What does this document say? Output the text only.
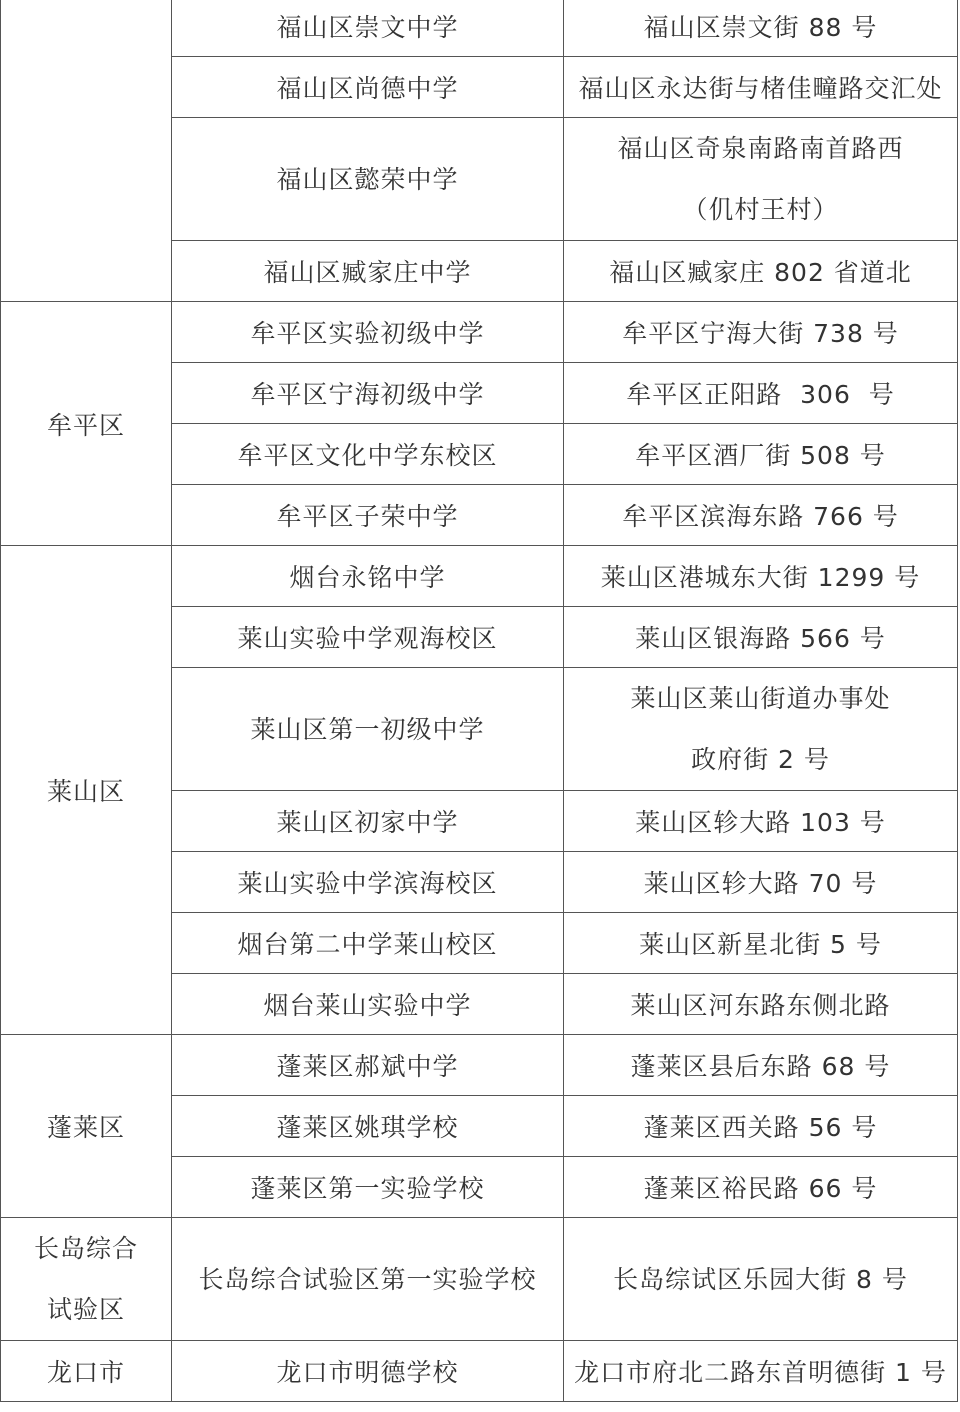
	福山区崇文中学	福山区崇文街 88 号
	福山区尚德中学	福山区永达街与楮佳疃路交汇处
	福山区懿荣中学	福山区奇泉南路南首路西
（仉村王村）

	福山区臧家庄中学	福山区臧家庄 802 省道北
牟平区	牟平区实验初级中学	牟平区宁海大街 738 号
	牟平区宁海初级中学	牟平区正阳路  306  号
	牟平区文化中学东校区	牟平区酒厂街 508 号
	牟平区子荣中学	牟平区滨海东路 766 号
莱山区	烟台永铭中学	莱山区港城东大街 1299 号
	莱山实验中学观海校区	莱山区银海路 566 号
	莱山区第一初级中学	莱山区莱山街道办事处
政府街 2 号

	莱山区初家中学	莱山区轸大路 103 号
	莱山实验中学滨海校区	莱山区轸大路 70 号
	烟台第二中学莱山校区	莱山区新星北街 5 号
	烟台莱山实验中学	莱山区河东路东侧北路
蓬莱区	蓬莱区郝斌中学	蓬莱区县后东路 68 号
	蓬莱区姚琪学校	蓬莱区西关路 56 号
	蓬莱区第一实验学校	蓬莱区裕民路 66 号

长岛综合
试验区	长岛综合试验区第一实验学校	长岛综试区乐园大街 8 号
龙口市	龙口市明德学校	龙口市府北二路东首明德街 1 号
